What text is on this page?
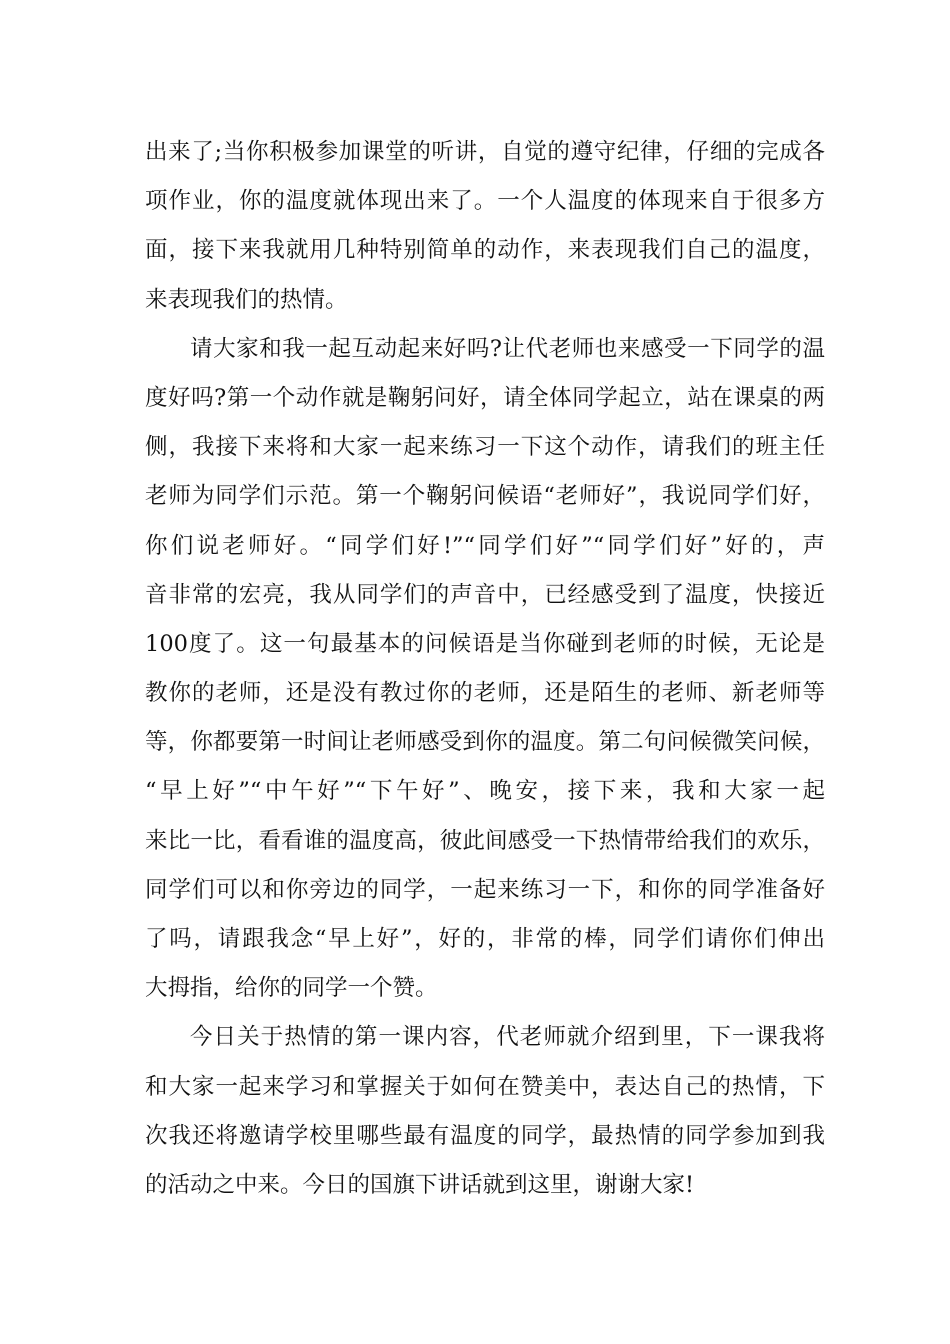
出来了;当你积极参加课堂的听讲，自觉的遵守纪律，仔细的完成各
项作业，你的温度就体现出来了。一个人温度的体现来自于很多方
面，接下来我就用几种特别简单的动作，来表现我们自己的温度，
来表现我们的热情。
请大家和我一起互动起来好吗?让代老师也来感受一下同学的温
度好吗?第一个动作就是鞠躬问好，请全体同学起立，站在课桌的两
侧，我接下来将和大家一起来练习一下这个动作，请我们的班主任
老师为同学们示范。第一个鞠躬问候语“老师好”，我说同学们好，
你们说老师好。“同学们好!”“同学们好”“同学们好”好的，声
音非常的宏亮，我从同学们的声音中，已经感受到了温度，快接近
100度了。这一句最基本的问候语是当你碰到老师的时候，无论是
教你的老师，还是没有教过你的老师，还是陌生的老师、新老师等
等，你都要第一时间让老师感受到你的温度。第二句问候微笑问候，
“早上好”“中午好”“下午好”、晚安，接下来，我和大家一起
来比一比，看看谁的温度高，彼此间感受一下热情带给我们的欢乐，
同学们可以和你旁边的同学，一起来练习一下，和你的同学准备好
了吗，请跟我念“早上好”，好的，非常的棒，同学们请你们伸出
大拇指，给你的同学一个赞。
今日关于热情的第一课内容，代老师就介绍到里，下一课我将
和大家一起来学习和掌握关于如何在赞美中，表达自己的热情，下
次我还将邀请学校里哪些最有温度的同学，最热情的同学参加到我
的活动之中来。今日的国旗下讲话就到这里，谢谢大家!
